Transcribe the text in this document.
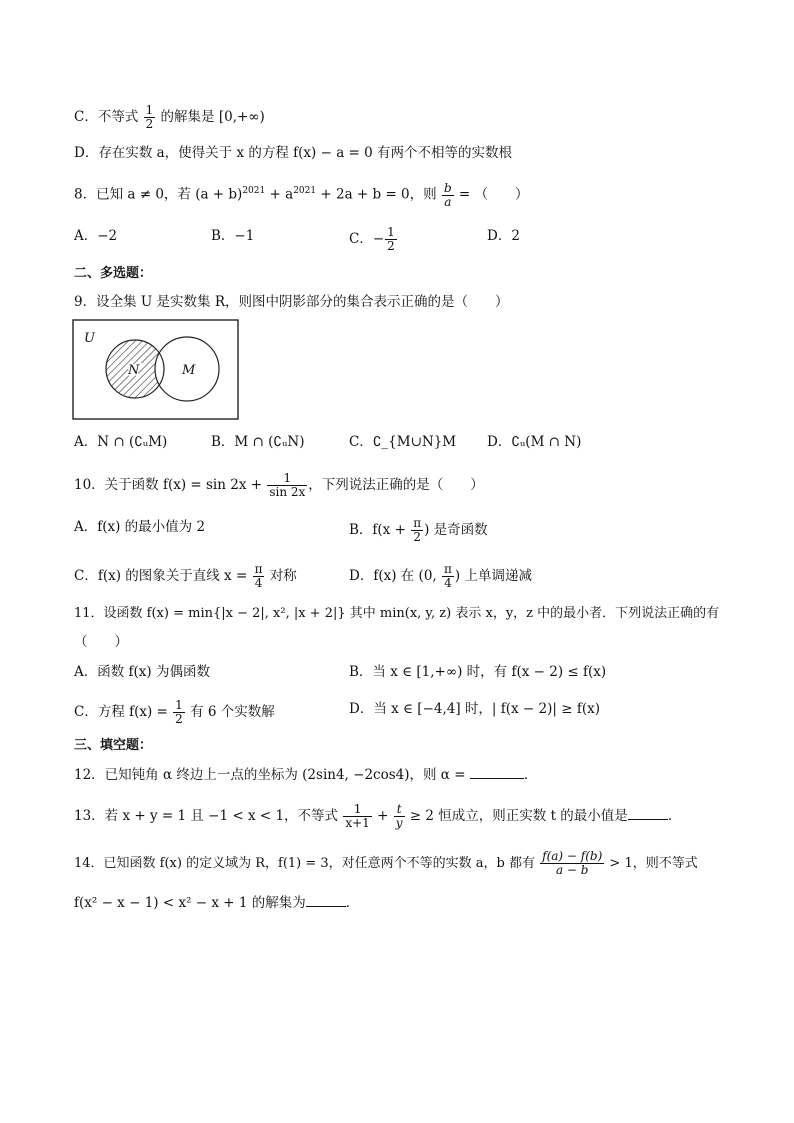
C．不等式 $\frac{1}{2}$ 的解集是 [0,+∞)
D．存在实数 a，使得关于 x 的方程 f(x) − a = 0 有两个不相等的实数根
8．已知 a ≠ 0，若 $(a + b)^{2021} + a^{2021} + 2a + b = 0$，则 $\frac{b}{a}$ = （　　）
A．−2	B．−1	C．− $\frac{1}{2}$	D．2
二、多选题：
9．设全集 U 是实数集 R，则图中阴影部分的集合表示正确的是（　　）
U
N	M
A．N ∩ (∁ᵤM)	B．M ∩ (∁ᵤN)	C．∁_{M∪N}M D．∁ᵤ(M ∩ N)
10．关于函数 $f(x) = \sin 2x + \frac{1}{\sin 2x}$ ，下列说法正确的是（　　）
A．f(x) 的最小值为 2	B．$f(x + \frac{\pi}{2}$ ) 是奇函数
C．f(x) 的图象关于直线 $x = \frac{\pi}{4}$ 对称	D．f(x) 在 (0, $\frac{\pi}{4}$ ) 上单调递减
11．设函数 f(x) = min{|x − 2|, x², |x + 2|} 其中 min(x, y, z) 表示 x，y，z 中的最小者．下列说法正确的有
（　　）
A．函数 f(x) 为偶函数	B．当 x ∈ [1,+∞) 时，有 f(x − 2) ≤ f(x)
C．方程 $f(x) = \frac{1}{2}$ 有 6 个实数解	D．当 x ∈ [−4,4] 时，| f(x − 2)| ≥ f(x)
三、填空题：
12．已知钝角 α 终边上一点的坐标为 (2sin4, −2cos4)，则 α =	．
13．若 x + y = 1 且 −1 < x < 1，不等式 $\frac{1}{x+1} + \frac{t}{y} \ge 2$ 恒成立，则正实数 t 的最小值是	．
14．已知函数 f(x) 的定义域为 R，f(1) = 3，对任意两个不等的实数 a，b 都有 $\frac{f(a) - f(b)}{a - b} > 1$，则不等式
f(x² − x − 1) < x² − x + 1 的解集为	．
